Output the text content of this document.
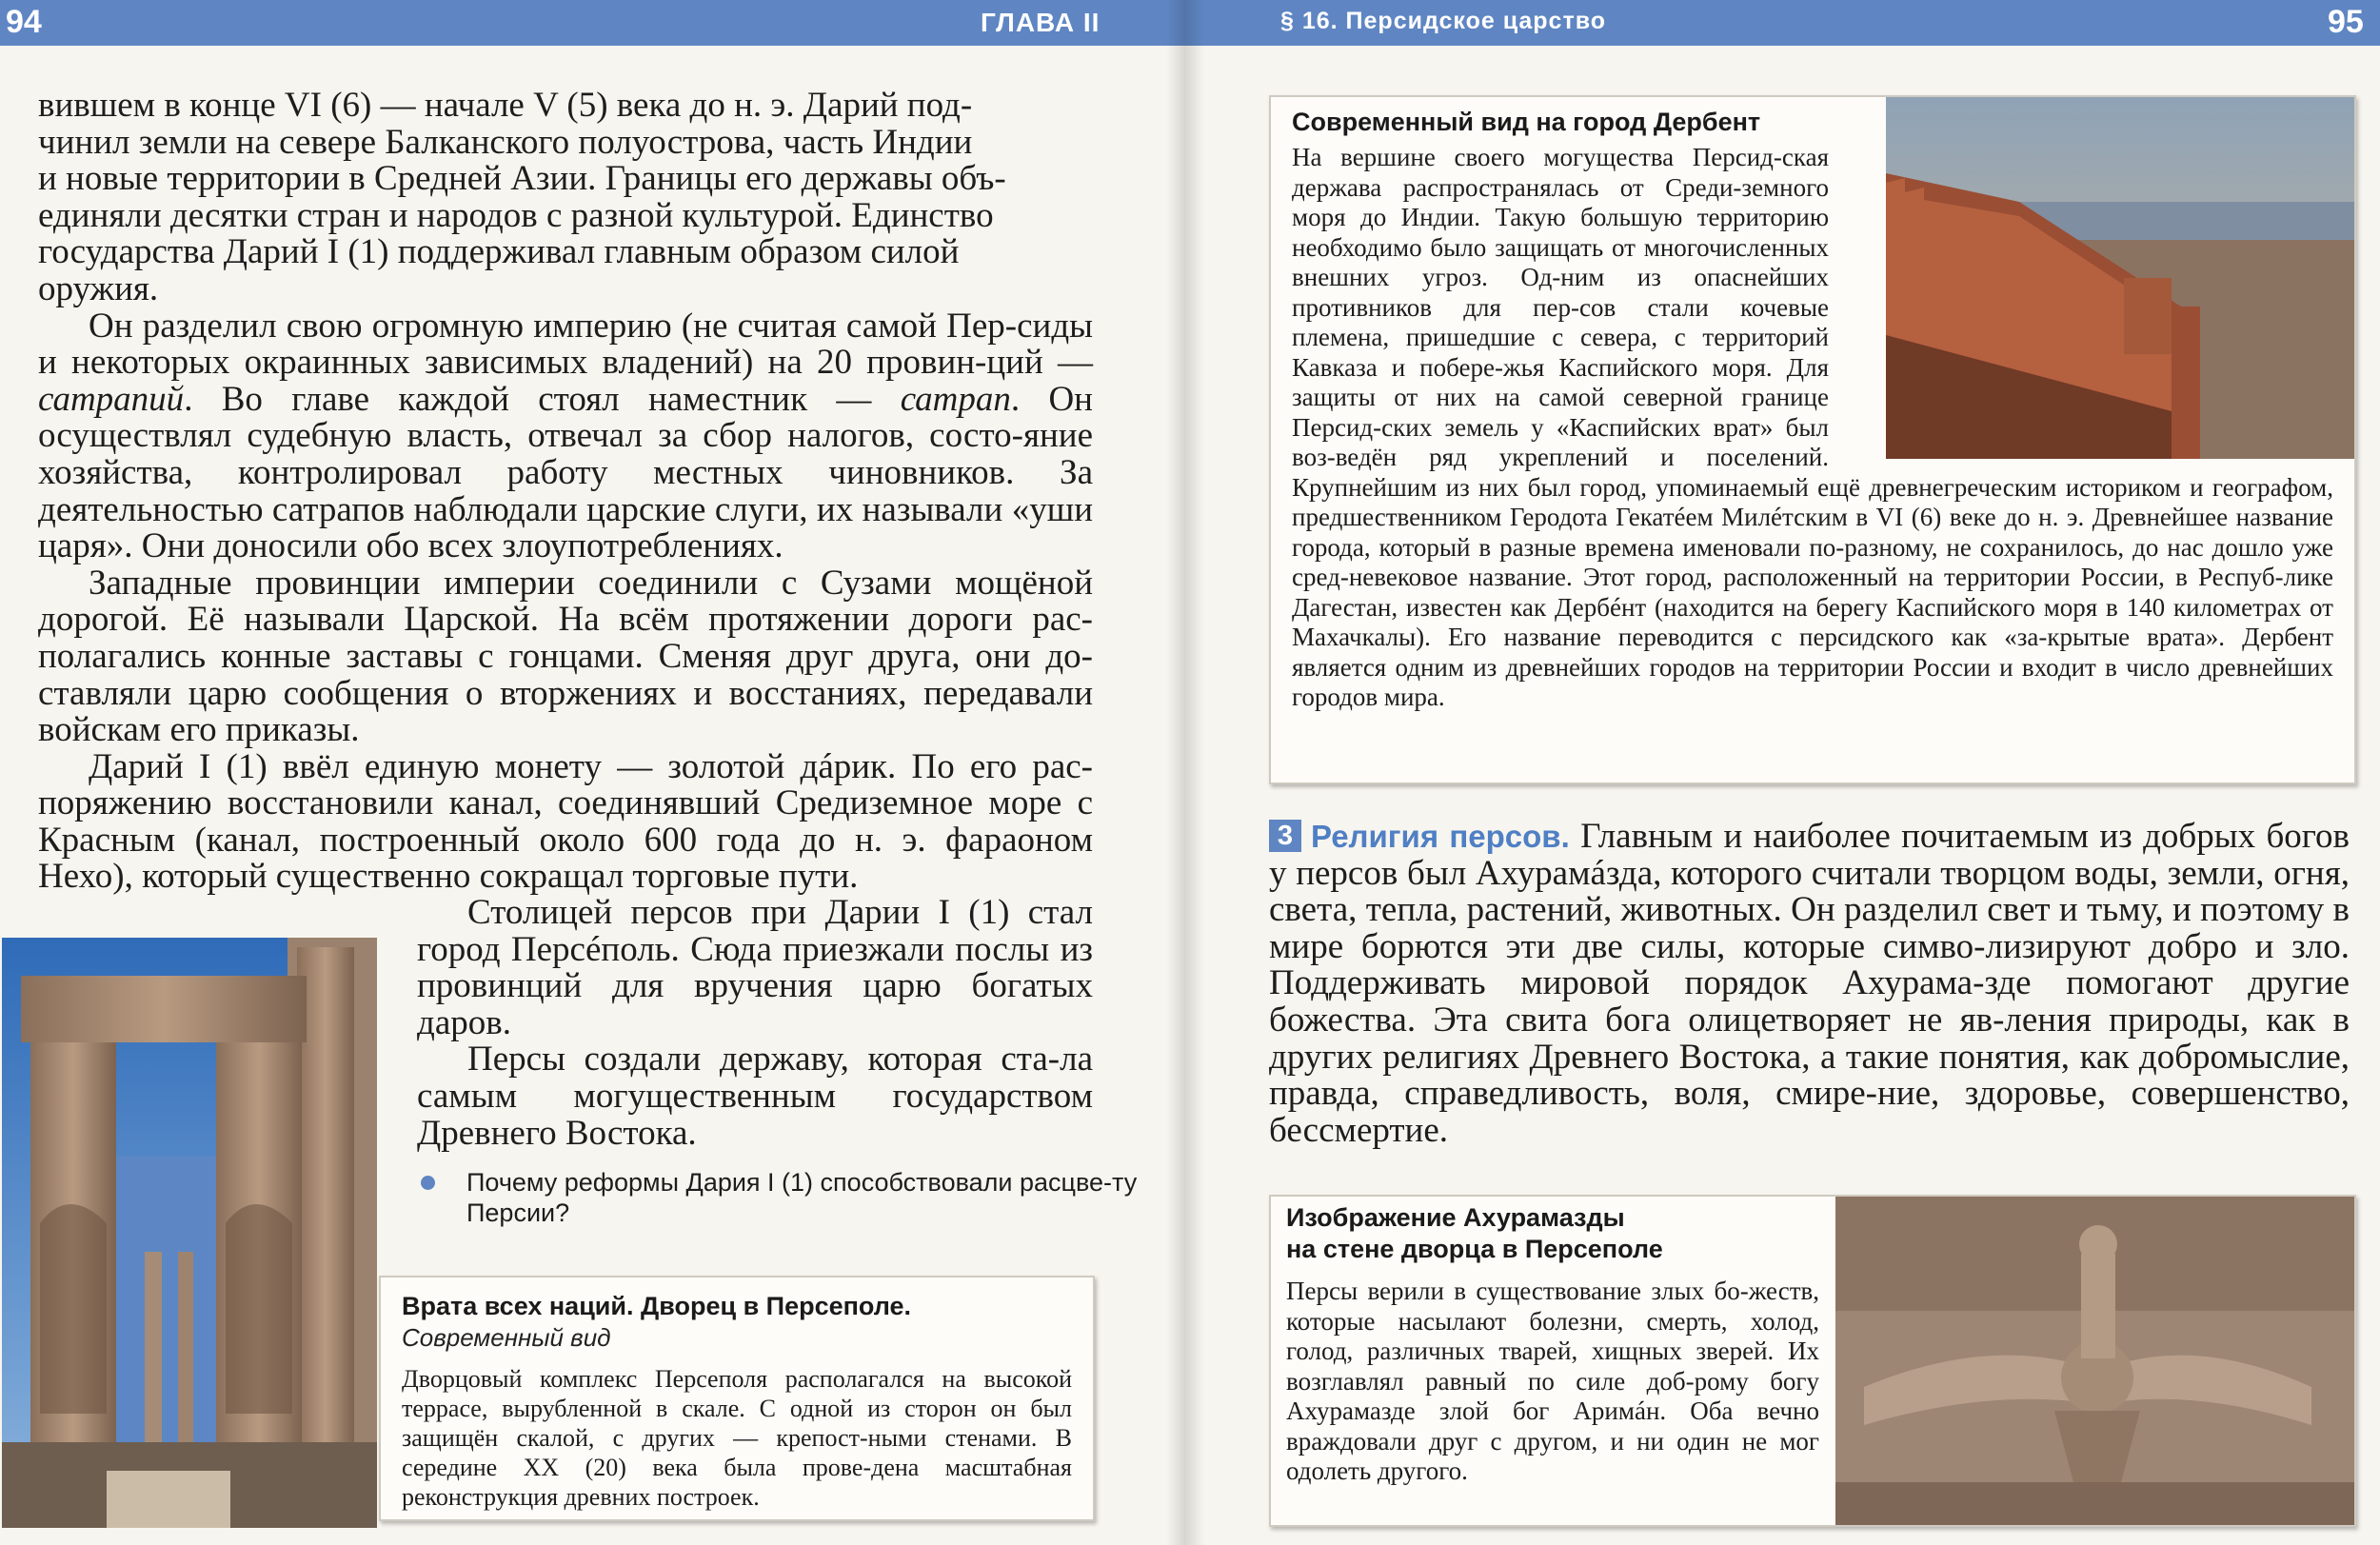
94	ГЛАВА II

вившем в конце VI (6) — начале V (5) века до н. э. Дарий под-

чинил земли на севере Балканского полуострова, часть Индии

и новые территории в Средней Азии. Границы его державы объ-

единяли десятки стран и народов с разной культурой. Единство

государства Дарий I (1) поддерживал главным образом силой

оружия.

Он разделил свою огромную империю (не считая самой Пер-сиды и некоторых окраинных зависимых владений) на 20 провин-ций — сатрапий. Во главе каждой стоял наместник — сатрап. Он осуществлял судебную власть, отвечал за сбор налогов, состо-яние хозяйства, контролировал работу местных чиновников. За деятельностью сатрапов наблюдали царские слуги, их называли «уши царя». Они доносили обо всех злоупотреблениях.

Западные провинции империи соединили с Сузами мощёной дорогой. Её называли Царской. На всём протяжении дороги рас-полагались конные заставы с гонцами. Сменяя друг друга, они до-ставляли царю сообщения о вторжениях и восстаниях, передавали войскам его приказы.

Дарий I (1) ввёл единую монету — золотой дáрик. По его рас-поряжению восстановили канал, соединявший Средиземное море с Красным (канал, построенный около 600 года до н. э. фараоном Нехо), который существенно сокращал торговые пути.

Столицей персов при Дарии I (1) стал город Персéполь. Сюда приезжали послы из провинций для вручения царю богатых даров.

Персы создали державу, которая ста-ла самым могущественным государством Древнего Востока.

Почему реформы Дария I (1) способствовали расцве-ту Персии?
Врата всех наций. Дворец в Персеполе.
Современный вид
Дворцовый комплекс Персеполя располагался на высокой террасе, вырубленной в скале. С одной из сторон он был защищён скалой, с других — крепост-ными стенами. В середине XX (20) века была прове-дена масштабная реконструкция древних построек.
§ 16. Персидское царство	95
Современный вид на город Дербент
На вершине своего могущества Персид-ская держава распространялась от Среди-земного моря до Индии. Такую большую территорию необходимо было защищать от многочисленных внешних угроз. Од-ним из опаснейших противников для пер-сов стали кочевые племена, пришедшие с севера, с территорий Кавказа и побере-жья Каспийского моря. Для защиты от них на самой северной границе Персид-ских земель у «Каспийских врат» был воз-ведён ряд укреплений и поселений. Крупнейшим из них был город, упоминаемый ещё древнегреческим историком и географом, предшественником Геродота Гекатéем Милéтским в VI (6) веке до н. э. Древнейшее название города, который в разные времена именовали по-разному, не сохранилось, до нас дошло уже сред-невековое название. Этот город, расположенный на территории России, в Респуб-лике Дагестан, известен как Дербéнт (находится на берегу Каспийского моря в 140 километрах от Махачкалы). Его название переводится с персидского как «за-крытые врата». Дербент является одним из древнейших городов на территории России и входит в число древнейших городов мира.

3 Религия персов. Главным и наиболее почитаемым из добрых богов у персов был Ахурамáзда, которого считали творцом воды, земли, огня, света, тепла, растений, животных. Он разделил свет и тьму, и поэтому в мире борются эти две силы, которые симво-лизируют добро и зло. Поддерживать мировой порядок Ахурама-зде помогают другие божества. Эта свита бога олицетворяет не яв-ления природы, как в других религиях Древнего Востока, а такие понятия, как добромыслие, правда, справедливость, воля, смире-ние, здоровье, совершенство, бессмертие.

Изображение Ахурамазды
на стене дворца в Персеполе
Персы верили в существование злых бо-жеств, которые насылают болезни, смерть, холод, голод, различных тварей, хищных зверей. Их возглавлял равный по силе доб-рому богу Ахурамазде злой бог Аримáн. Оба вечно враждовали друг с другом, и ни один не мог одолеть другого.
